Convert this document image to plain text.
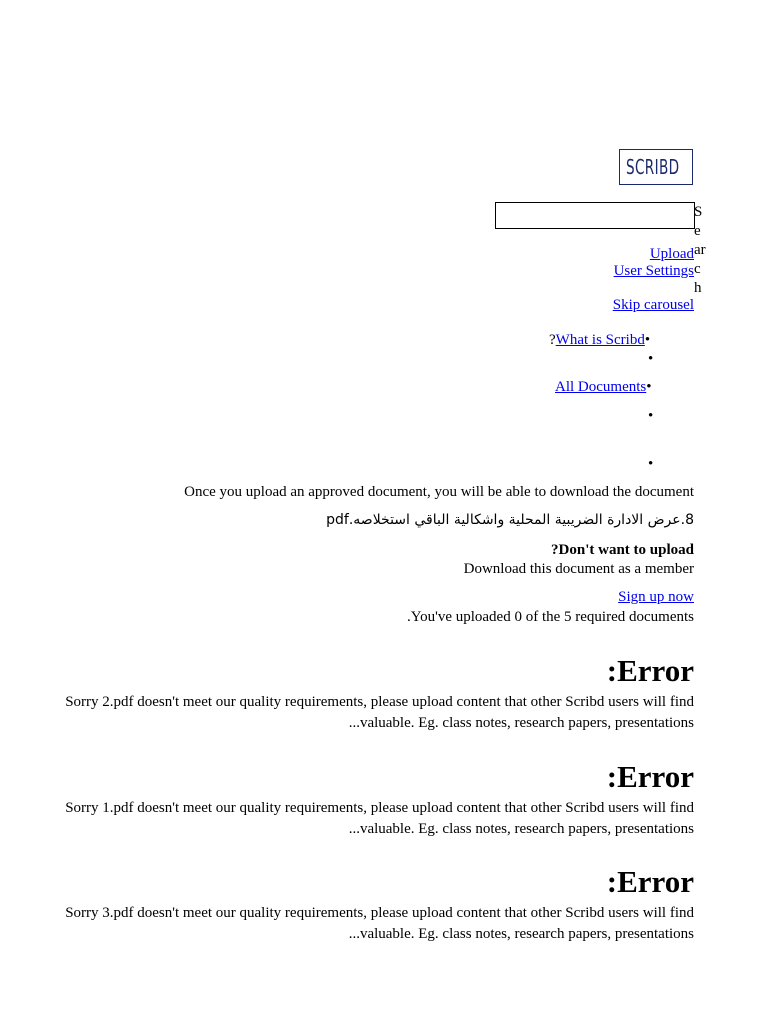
SCRIBD
Search
Upload
User Settings
Skip carousel
?What is Scribd•
•
All Documents•
•
•
Once you upload an approved document, you will be able to download the document
8.عرض الادارة الضريبية المحلية واشكالية الباقي استخلاصه.pdf
?Don't want to upload
Download this document as a member
Sign up now
.You've uploaded 0 of the 5 required documents
:Error
Sorry 2.pdf doesn't meet our quality requirements, please upload content that other Scribd users will find valuable. Eg. class notes, research papers, presentations...
:Error
Sorry 1.pdf doesn't meet our quality requirements, please upload content that other Scribd users will find valuable. Eg. class notes, research papers, presentations...
:Error
Sorry 3.pdf doesn't meet our quality requirements, please upload content that other Scribd users will find valuable. Eg. class notes, research papers, presentations...
